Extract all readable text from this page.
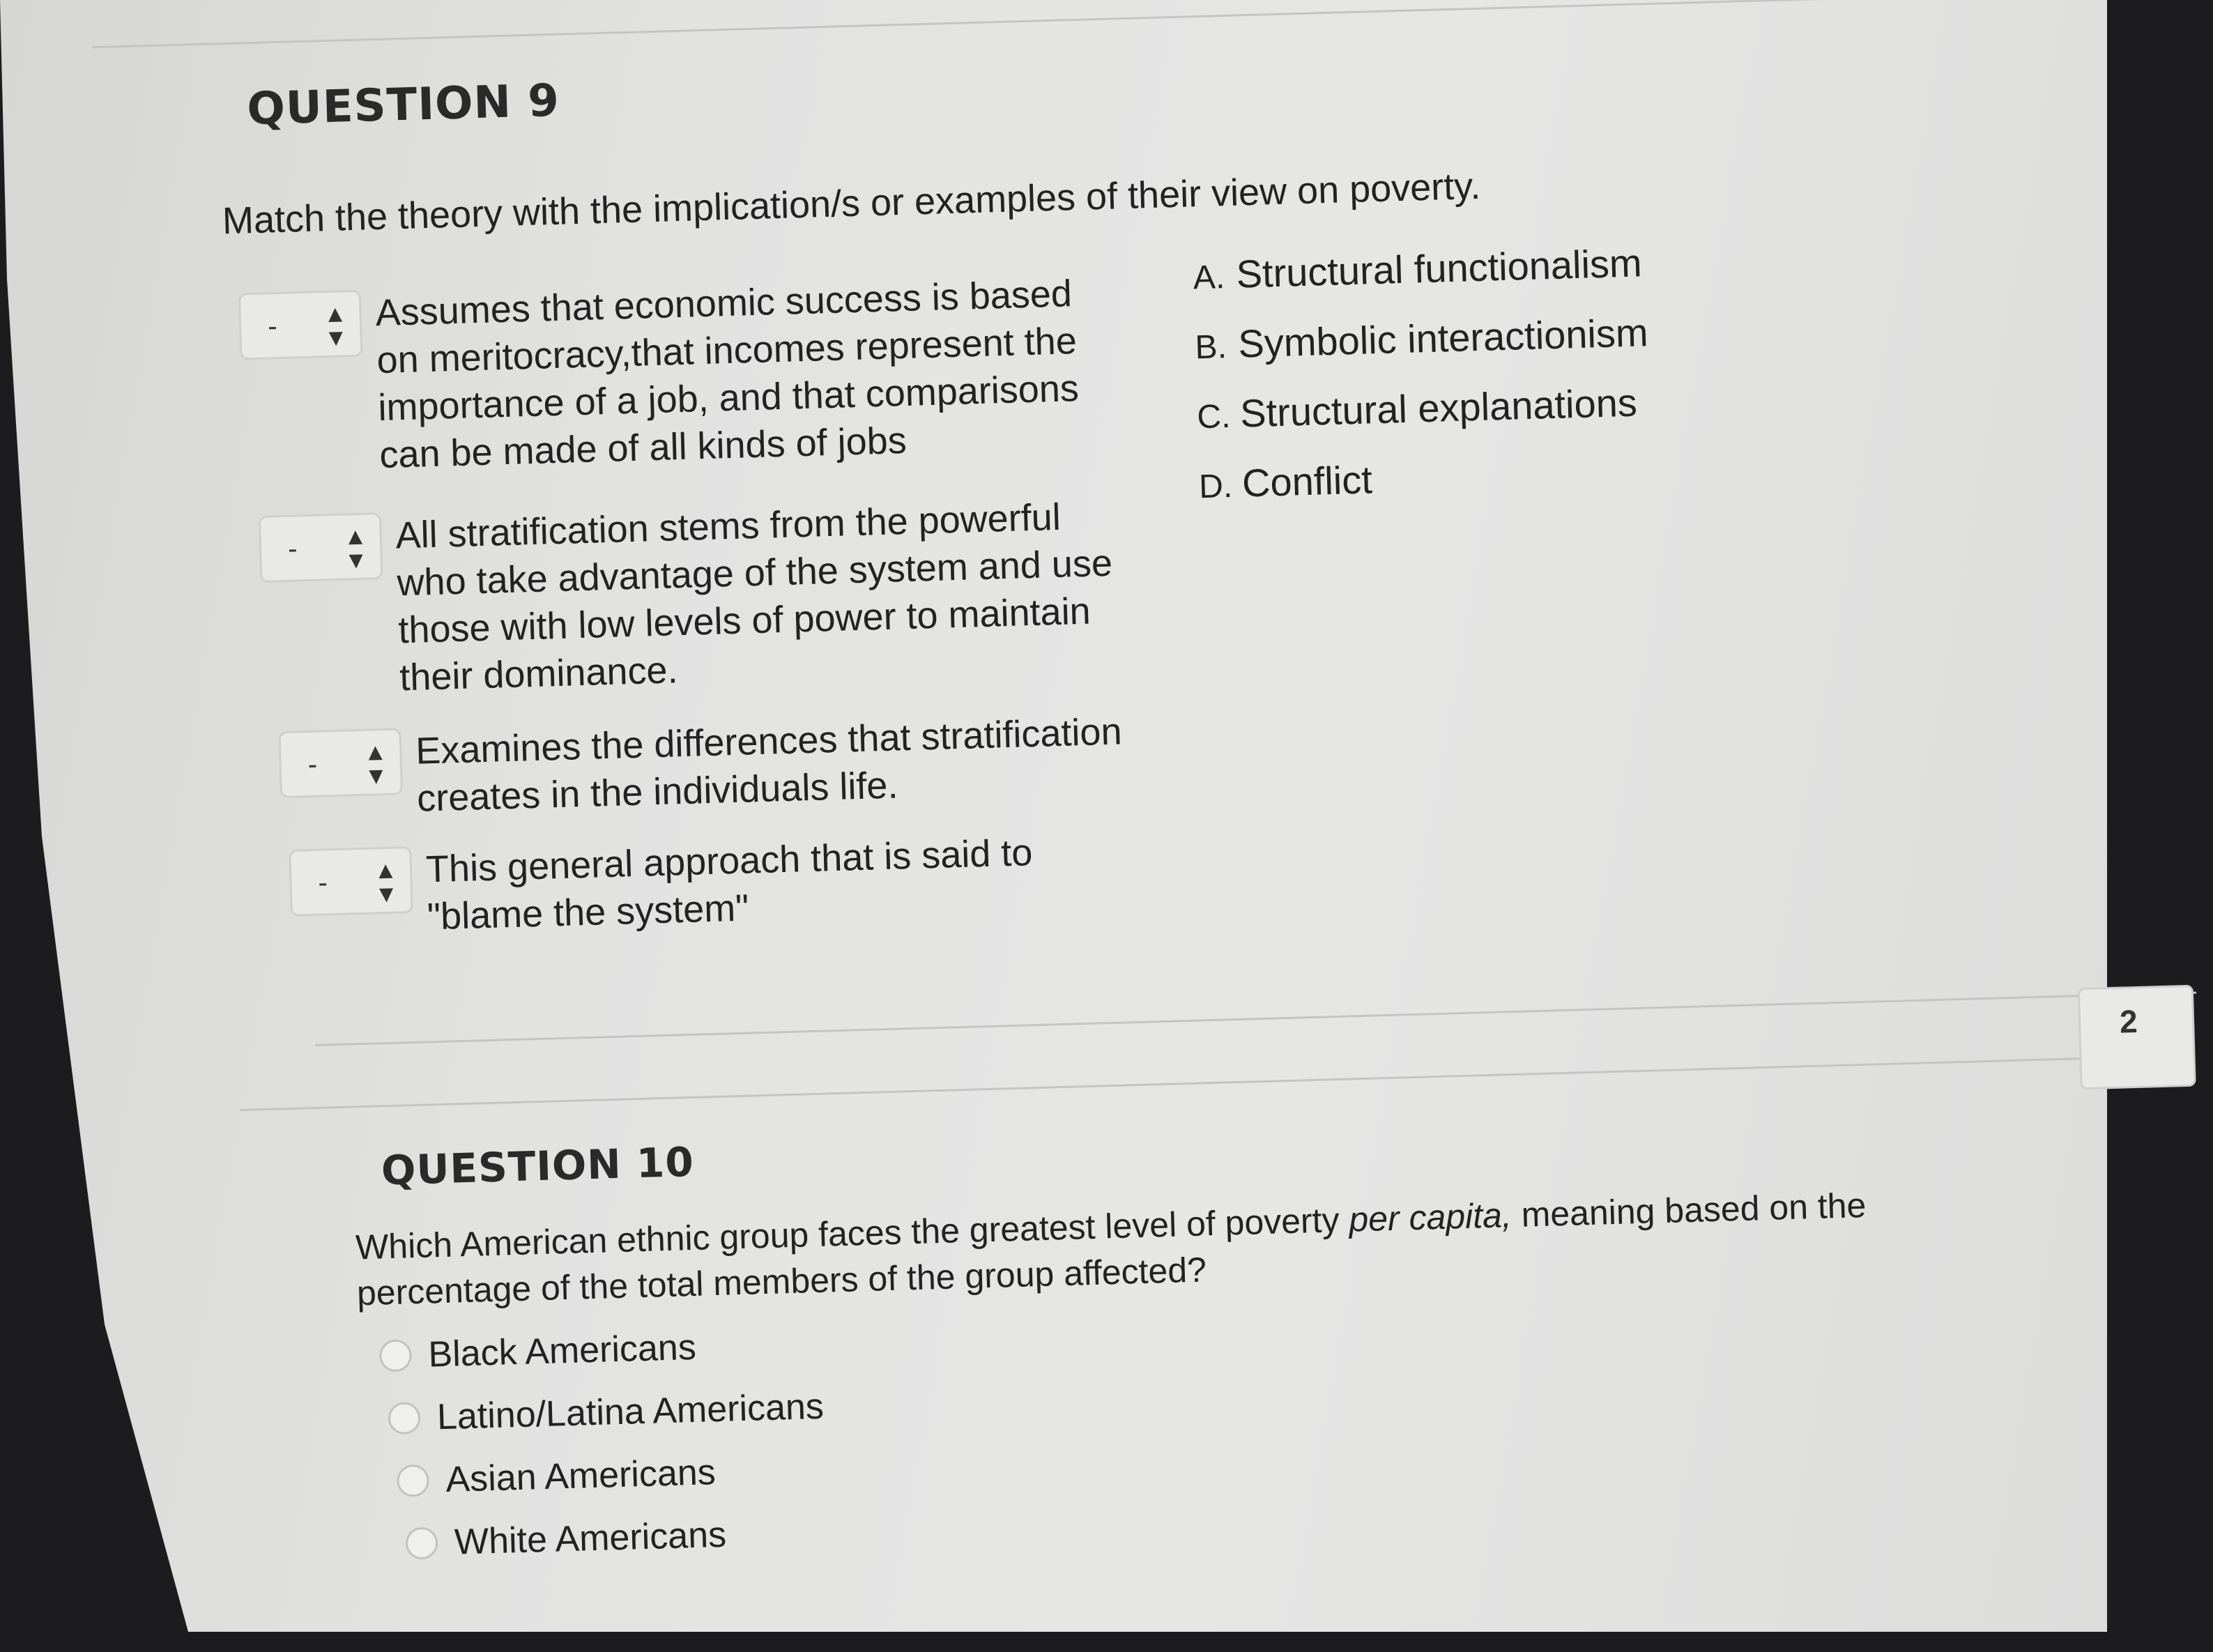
QUESTION 9
Match the theory with the implication/s or examples of their view on poverty.
- ▲
▼
Assumes that economic success is based
on meritocracy,that incomes represent the
importance of a job, and that comparisons
can be made of all kinds of jobs
- ▲
▼
All stratification stems from the powerful
who take advantage of the system and use
those with low levels of power to maintain
their dominance.
- ▲
▼
Examines the differences that stratification
creates in the individuals life.
- ▲
▼
This general approach that is said to
"blame the system"
A. Structural functionalism
B. Symbolic interactionism
C. Structural explanations
D. Conflict
2
QUESTION 10
Which American ethnic group faces the greatest level of poverty per capita, meaning based on the
percentage of the total members of the group affected?
Black Americans
Latino/Latina Americans
Asian Americans
White Americans
